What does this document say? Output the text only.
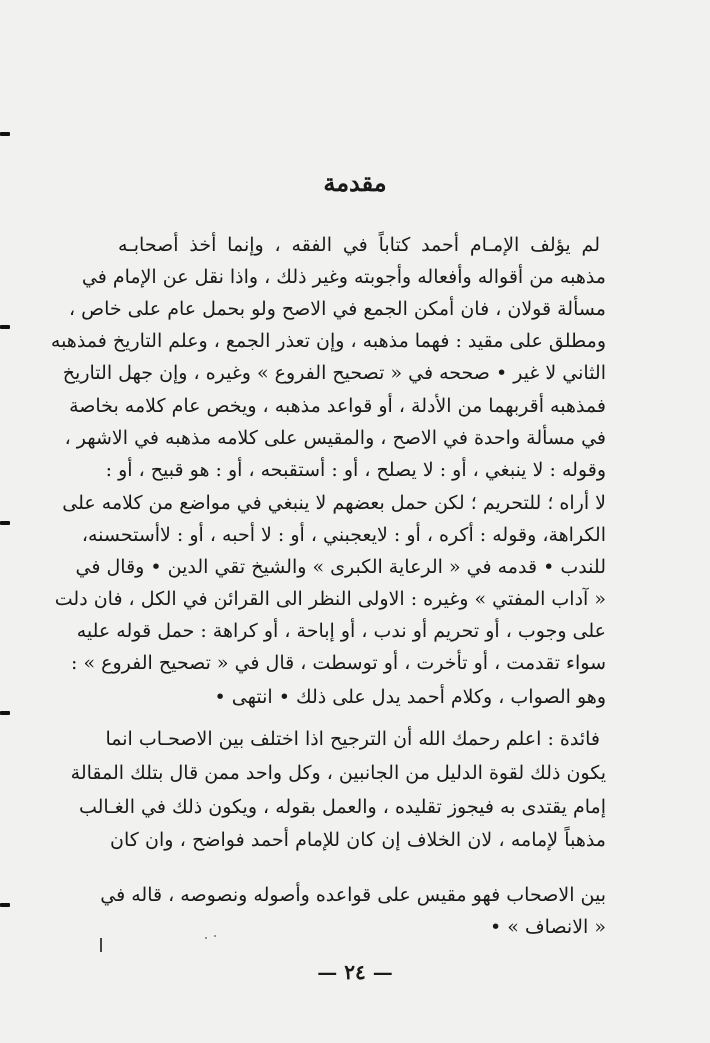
مقدمة
لم يؤلف الإمـام أحمد كتاباً في الفقه ، وإنما أخذ أصحابـه
مذهبه من أقواله وأفعاله وأجوبته وغير ذلك ، واذا نقل عن الإمام في
مسألة قولان ، فان أمكن الجمع في الاصح ولو بحمل عام على خاص ،
ومطلق على مقيد : فهما مذهبه ، وإن تعذر الجمع ، وعلم التاريخ فمذهبه
الثاني لا غير • صححه في « تصحيح الفروع » وغيره ، وإن جهل التاريخ
فمذهبه أقربهما من الأدلة ، أو قواعد مذهبه ، ويخص عام كلامه بخاصة
في مسألة واحدة في الاصح ، والمقيس على كلامه مذهبه في الاشهر ،
وقوله : لا ينبغي ، أو : لا يصلح ، أو : أستقبحه ، أو : هو قبيح ، أو :
لا أراه ؛ للتحريم ؛ لكن حمل بعضهم لا ينبغي في مواضع من كلامه على
الكراهة، وقوله : أكره ، أو : لايعجبني ، أو : لا أحبه ، أو : لاأستحسنه،
للندب • قدمه في « الرعاية الكبرى » والشيخ تقي الدين • وقال في
« آداب المفتي » وغيره : الاولى النظر الى القرائن في الكل ، فان دلت
على وجوب ، أو تحريم أو ندب ، أو إباحة ، أو كراهة : حمل قوله عليه
سواء تقدمت ، أو تأخرت ، أو توسطت ، قال في « تصحيح الفروع » :
وهو الصواب ، وكلام أحمد يدل على ذلك • انتهى •
فائدة : اعلم رحمك الله أن الترجيح اذا اختلف بين الاصحـاب انما
يكون ذلك لقوة الدليل من الجانبين ، وكل واحد ممن قال بتلك المقالة
إمام يقتدى به فيجوز تقليده ، والعمل بقوله ، ويكون ذلك في الغـالب
مذهباً لإمامه ، لان الخلاف إن كان للإمام أحمد فواضح ، وان كان
بين الاصحاب فهو مقيس على قواعده وأصوله ونصوصه ، قاله في
« الانصاف » •
— ٢٤ —
